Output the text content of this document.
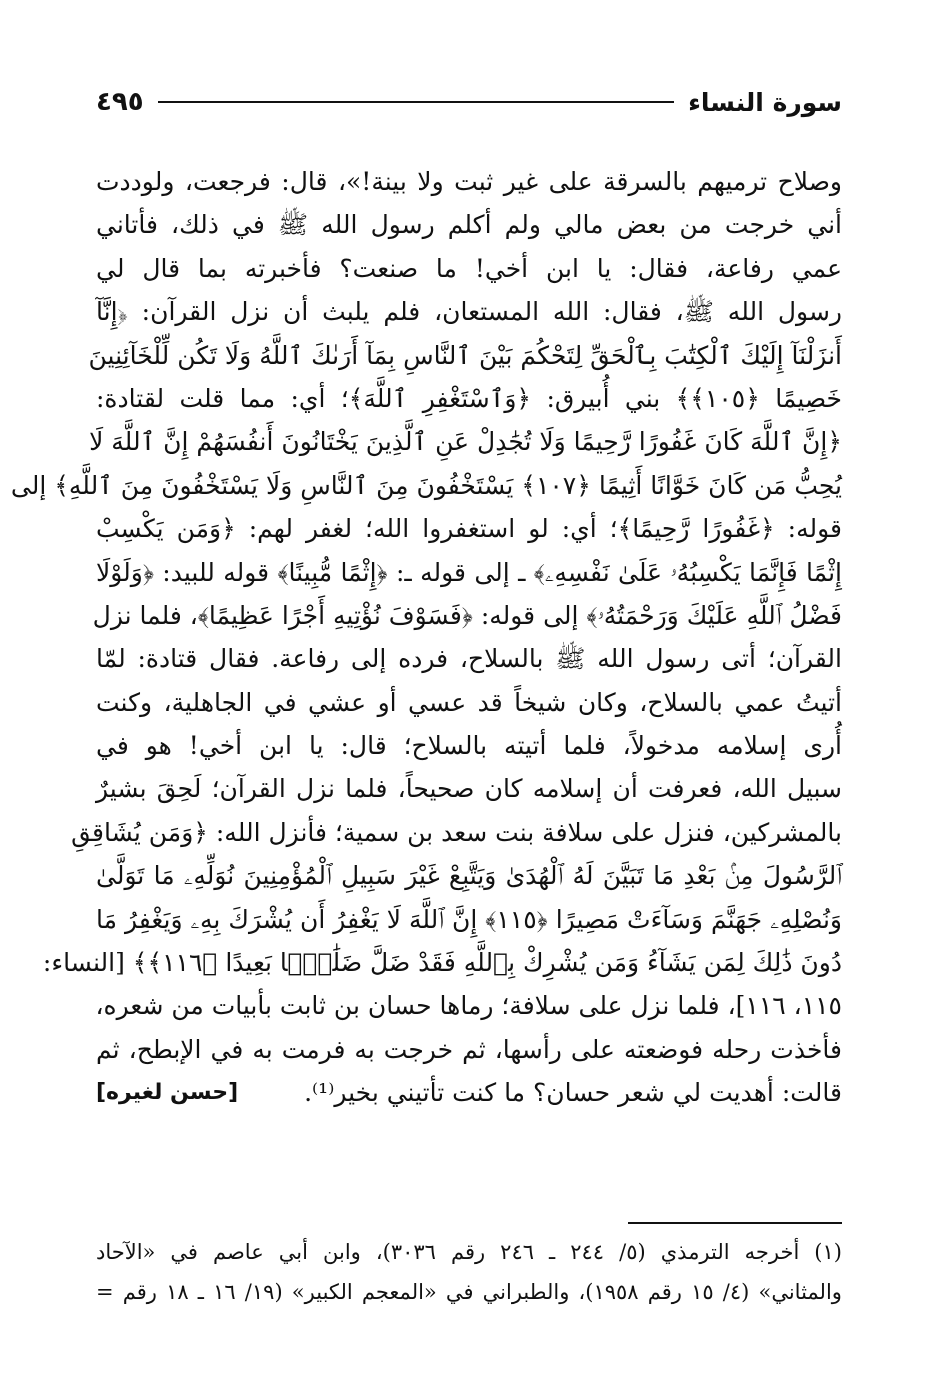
سورة النساء
٤٩٥
وصلاح ترميهم بالسرقة على غير ثبت ولا بينة!»، قال: فرجعت، ولوددت
أني خرجت من بعض مالي ولم أكلم رسول الله ﷺ في ذلك، فأتاني
عمي رفاعة، فقال: يا ابن أخي! ما صنعت؟ فأخبرته بما قال لي
رسول الله ﷺ، فقال: الله المستعان، فلم يلبث أن نزل القرآن: ﴿إِنَّآ
أَنزَلْنَآ إِلَيْكَ ٱلْكِتَٰبَ بِٱلْحَقِّ لِتَحْكُمَ بَيْنَ ٱلنَّاسِ بِمَآ أَرَىٰكَ ٱللَّهُ وَلَا تَكُن لِّلْخَآئِنِينَ
خَصِيمًا ﴿١٠٥﴾﴾ بني أُبيرق: ﴿وَٱسْتَغْفِرِ ٱللَّهَ﴾؛ أي: مما قلت لقتادة:
﴿إِنَّ ٱللَّهَ كَانَ غَفُورًا رَّحِيمًا وَلَا تُجَٰدِلْ عَنِ ٱلَّذِينَ يَخْتَانُونَ أَنفُسَهُمْ إِنَّ ٱللَّهَ لَا
يُحِبُّ مَن كَانَ خَوَّانًا أَثِيمًا ﴿١٠٧﴾ يَسْتَخْفُونَ مِنَ ٱلنَّاسِ وَلَا يَسْتَخْفُونَ مِنَ ٱللَّهِ﴾ إلى
قوله: ﴿غَفُورًا رَّحِيمًا﴾؛ أي: لو استغفروا الله؛ لغفر لهم: ﴿وَمَن يَكْسِبْ
إِثْمًا فَإِنَّمَا يَكْسِبُهُۥ عَلَىٰ نَفْسِهِۦ﴾ ـ إلى قوله ـ: ﴿إِثْمًا مُّبِينًا﴾ قوله للبيد: ﴿وَلَوْلَا
فَضْلُ ٱللَّهِ عَلَيْكَ وَرَحْمَتُهُۥ﴾ إلى قوله: ﴿فَسَوْفَ نُؤْتِيهِ أَجْرًا عَظِيمًا﴾، فلما نزل
القرآن؛ أتى رسول الله ﷺ بالسلاح، فرده إلى رفاعة. فقال قتادة: لمّا
أتيتُ عمي بالسلاح، وكان شيخاً قد عسي أو عشي في الجاهلية، وكنت
أُرى إسلامه مدخولاً، فلما أتيته بالسلاح؛ قال: يا ابن أخي! هو في
سبيل الله، فعرفت أن إسلامه كان صحيحاً، فلما نزل القرآن؛ لَحِقَ بشيرٌ
بالمشركين، فنزل على سلافة بنت سعد بن سمية؛ فأنزل الله: ﴿وَمَن يُشَاقِقِ
ٱلرَّسُولَ مِنۢ بَعْدِ مَا تَبَيَّنَ لَهُ ٱلْهُدَىٰ وَيَتَّبِعْ غَيْرَ سَبِيلِ ٱلْمُؤْمِنِينَ نُوَلِّهِۦ مَا تَوَلَّىٰ
وَنُصْلِهِۦ جَهَنَّمَ وَسَآءَتْ مَصِيرًا ﴿١١٥﴾ إِنَّ ٱللَّهَ لَا يَغْفِرُ أَن يُشْرَكَ بِهِۦ وَيَغْفِرُ مَا
دُونَ ذَٰلِكَ لِمَن يَشَآءُ وَمَن يُشْرِكْ بِٱللَّهِ فَقَدْ ضَلَّ ضَلَٰلًۢا بَعِيدًا ﴿١١٦﴾﴾ [النساء:
١١٥، ١١٦]، فلما نزل على سلافة؛ رماها حسان بن ثابت بأبيات من شعره،
فأخذت رحله فوضعته على رأسها، ثم خرجت به فرمت به في الإبطح، ثم
قالت: أهديت لي شعر حسان؟ ما كنت تأتيني بخير⁽¹⁾.
[حسن لغيره]
(١) أخرجه الترمذي (٥/ ٢٤٤ ـ ٢٤٦ رقم ٣٠٣٦)، وابن أبي عاصم في «الآحاد
والمثاني» (٤/ ١٥ رقم ١٩٥٨)، والطبراني في «المعجم الكبير» (١٩/ ١٦ ـ ١٨ رقم =
